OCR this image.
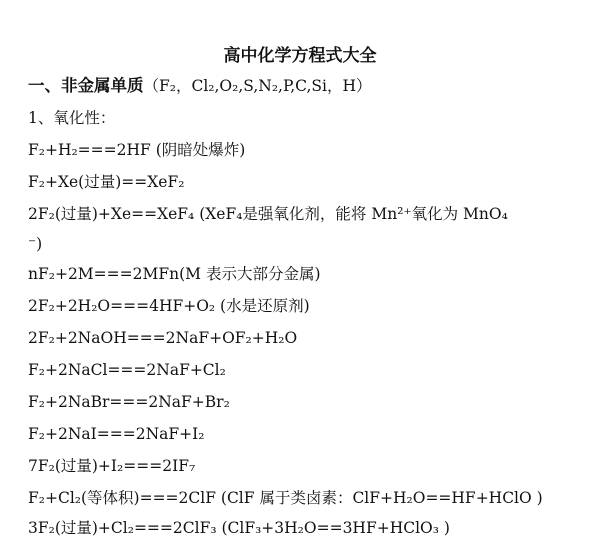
高中化学方程式大全
一、非金属单质（F₂，Cl₂,O₂,S,N₂,P,C,Si，H）
1、氧化性：
F₂+H₂===2HF (阴暗处爆炸)
F₂+Xe(过量)==XeF₂
2F₂(过量)+Xe==XeF₄ (XeF₄是强氧化剂，能将 Mn²⁺氧化为 MnO₄
⁻)
nF₂+2M===2MFn(M 表示大部分金属)
2F₂+2H₂O===4HF+O₂ (水是还原剂)
2F₂+2NaOH===2NaF+OF₂+H₂O
F₂+2NaCl===2NaF+Cl₂
F₂+2NaBr===2NaF+Br₂
F₂+2NaI===2NaF+I₂
7F₂(过量)+I₂===2IF₇
F₂+Cl₂(等体积)===2ClF (ClF 属于类卤素：ClF+H₂O==HF+HClO )
3F₂(过量)+Cl₂===2ClF₃ (ClF₃+3H₂O==3HF+HClO₃ )
